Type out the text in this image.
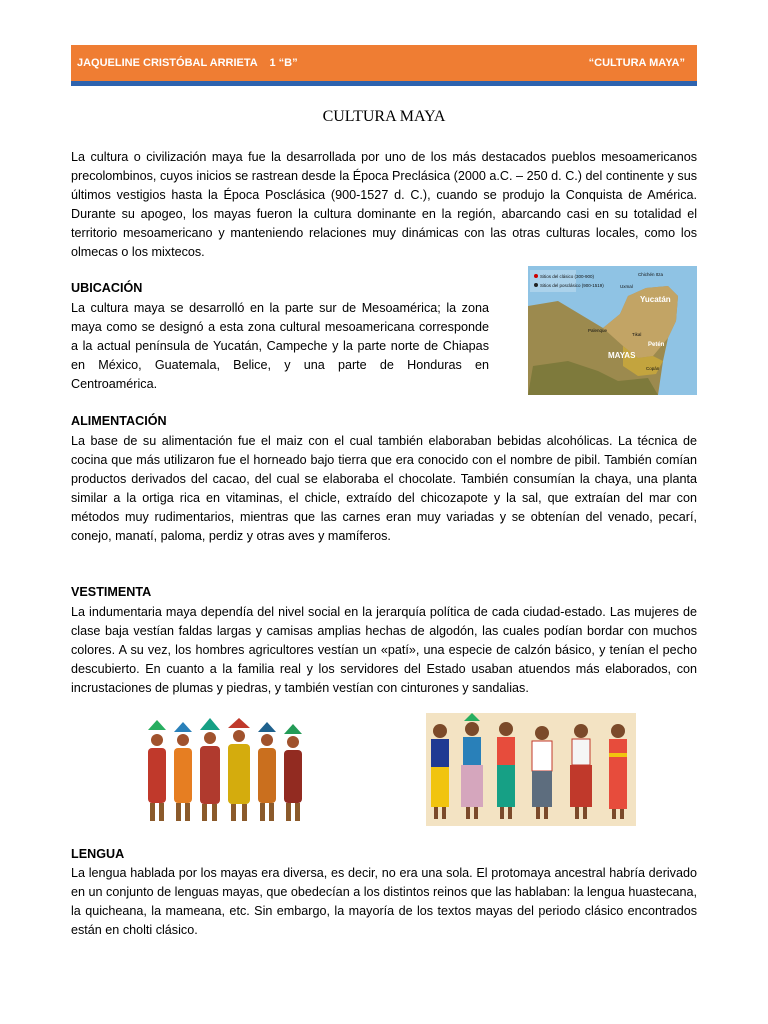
JAQUELINE CRISTÓBAL ARRIETA    1 “B”	“CULTURA MAYA”
CULTURA MAYA

La cultura o civilización maya fue la desarrollada por uno de los más destacados pueblos mesoamericanos precolombinos, cuyos inicios se rastrean desde la Época Preclásica (2000 a.C. – 250 d. C.) del continente y sus últimos vestigios hasta la Época Posclásica (900-1527 d. C.), cuando se produjo la Conquista de América. Durante su apogeo, los mayas fueron la cultura dominante en la región, abarcando casi en su totalidad el territorio mesoamericano y manteniendo relaciones muy dinámicas con las otras culturas locales, como los olmecas o los mixtecos.

UBICACIÓN

La cultura maya se desarrolló en la parte sur de Mesoamérica; la zona maya como se designó a esta zona cultural mesoamericana corresponde a la actual península de Yucatán, Campeche y la parte norte de Chiapas en México, Guatemala, Belice, y una parte de Honduras en Centroamérica.

Sitios del clásico (300-900)
Sitios del posclásico (900-1519)
Chichén Itza
Uxmal
Yucatán
Palenque
Tikal
Petén
MAYAS
Copán

ALIMENTACIÓN

La base de su alimentación fue el maiz con el cual también elaboraban bebidas alcohólicas. La técnica de cocina que más utilizaron fue el horneado bajo tierra que era conocido con el nombre de pibil. También comían productos derivados del cacao, del cual se elaboraba el chocolate. También consumían la chaya, una planta similar a la ortiga rica en vitaminas, el chicle, extraído del chicozapote y la sal, que extraían del mar con métodos muy rudimentarios, mientras que las carnes eran muy variadas y se obtenían del venado, pecarí, conejo, manatí, paloma, perdiz y otras aves y mamíferos.

VESTIMENTA

La indumentaria maya dependía del nivel social en la jerarquía política de cada ciudad-estado. Las mujeres de clase baja vestían faldas largas y camisas amplias hechas de algodón, las cuales podían bordar con muchos colores. A su vez, los hombres agricultores vestían un «patí», una especie de calzón básico, y tenían el pecho descubierto. En cuanto a la familia real y los servidores del Estado usaban atuendos más elaborados, con incrustaciones de plumas y piedras, y también vestían con cinturones y sandalias.

LENGUA

La lengua hablada por los mayas era diversa, es decir, no era una sola. El protomaya ancestral habría derivado en un conjunto de lenguas mayas, que obedecían a los distintos reinos que las hablaban: la lengua huastecana, la quicheana, la mameana, etc. Sin embargo, la mayoría de los textos mayas del periodo clásico encontrados están en cholti clásico.
